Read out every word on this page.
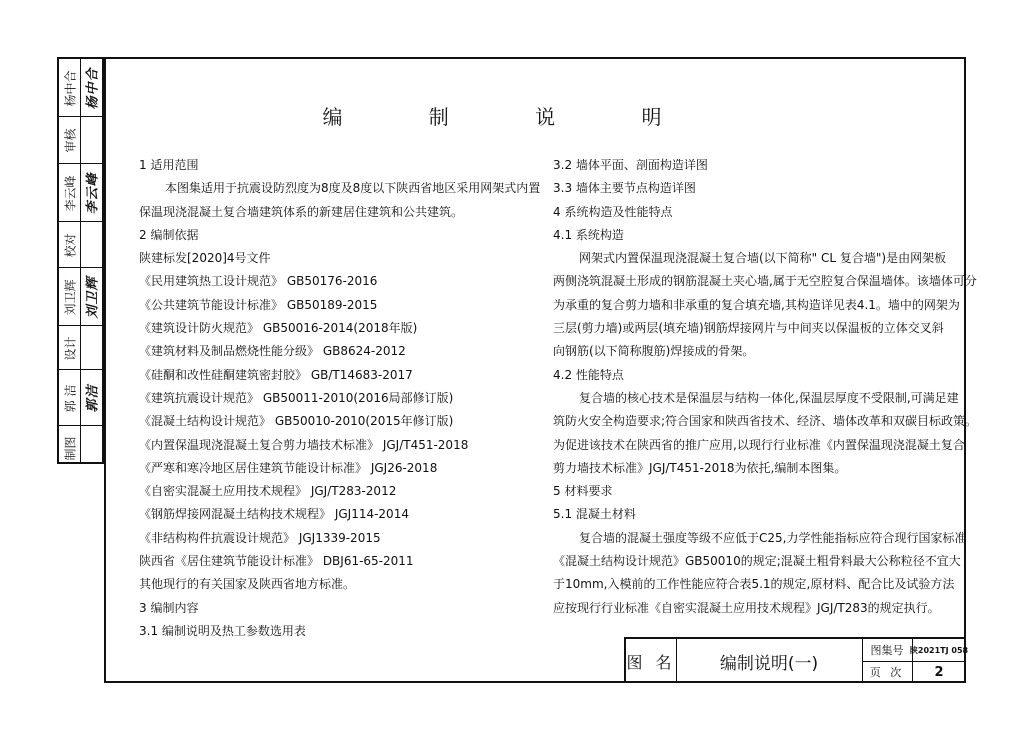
杨中合 杨中合
审核
李云峰 李云峰
校对
刘卫辉 刘卫辉
设计
郭 洁 郭洁
制图
编 制 说 明
1 适用范围
本图集适用于抗震设防烈度为8度及8度以下陕西省地区采用网架式内置
保温现浇混凝土复合墙建筑体系的新建居住建筑和公共建筑。
2 编制依据
陕建标发[2020]4号文件
《民用建筑热工设计规范》 GB50176-2016
《公共建筑节能设计标准》 GB50189-2015
《建筑设计防火规范》 GB50016-2014(2018年版)
《建筑材料及制品燃烧性能分级》 GB8624-2012
《硅酮和改性硅酮建筑密封胶》 GB/T14683-2017
《建筑抗震设计规范》 GB50011-2010(2016局部修订版)
《混凝土结构设计规范》 GB50010-2010(2015年修订版)
《内置保温现浇混凝土复合剪力墙技术标准》 JGJ/T451-2018
《严寒和寒冷地区居住建筑节能设计标准》 JGJ26-2018
《自密实混凝土应用技术规程》 JGJ/T283-2012
《钢筋焊接网混凝土结构技术规程》 JGJ114-2014
《非结构构件抗震设计规范》 JGJ1339-2015
陕西省《居住建筑节能设计标准》 DBJ61-65-2011
其他现行的有关国家及陕西省地方标准。
3 编制内容
3.1 编制说明及热工参数选用表
3.2 墙体平面、剖面构造详图
3.3 墙体主要节点构造详图
4 系统构造及性能特点
4.1 系统构造
网架式内置保温现浇混凝土复合墙(以下简称" CL 复合墙")是由网架板
两侧浇筑混凝土形成的钢筋混凝土夹心墙,属于无空腔复合保温墙体。该墙体可分
为承重的复合剪力墙和非承重的复合填充墙,其构造详见表4.1。墙中的网架为
三层(剪力墙)或两层(填充墙)钢筋焊接网片与中间夹以保温板的立体交叉斜
向钢筋(以下简称腹筋)焊接成的骨架。
4.2 性能特点
复合墙的核心技术是保温层与结构一体化,保温层厚度不受限制,可满足建
筑防火安全构造要求;符合国家和陕西省技术、经济、墙体改革和双碳目标政策。
为促进该技术在陕西省的推广应用,以现行行业标准《内置保温现浇混凝土复合
剪力墙技术标准》JGJ/T451-2018为依托,编制本图集。
5 材料要求
5.1 混凝土材料
复合墙的混凝土强度等级不应低于C25,力学性能指标应符合现行国家标准
《混凝土结构设计规范》GB50010的规定;混凝土粗骨料最大公称粒径不宜大
于10mm,入模前的工作性能应符合表5.1的规定,原材料、配合比及试验方法
应按现行行业标准《自密实混凝土应用技术规程》JGJ/T283的规定执行。
图 名	编制说明(一)
图集号 陕2021TJ 058
页 次	2
